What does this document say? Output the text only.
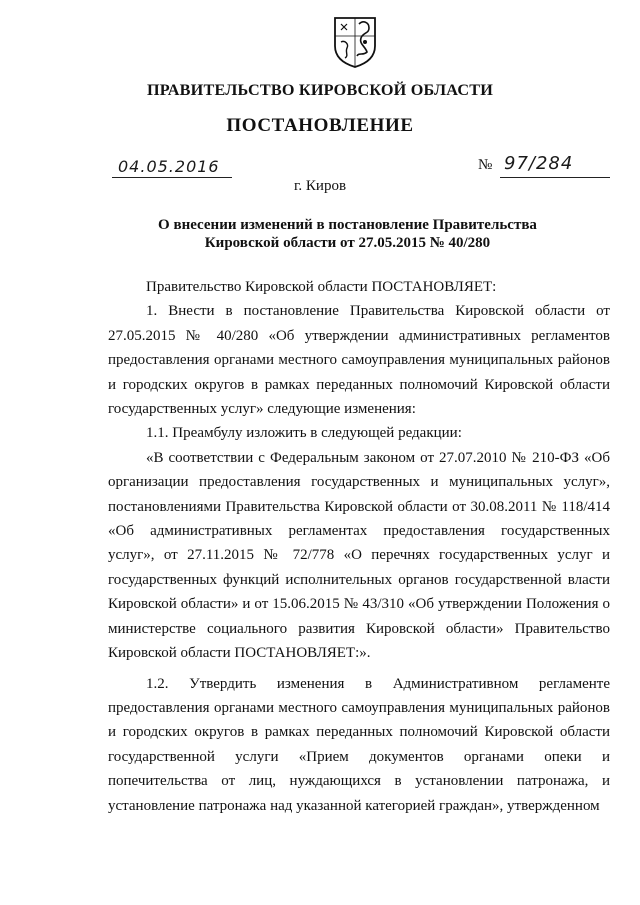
ПРАВИТЕЛЬСТВО КИРОВСКОЙ ОБЛАСТИ
ПОСТАНОВЛЕНИЕ
04.05.2016	№ 97/284
г. Киров
О внесении изменений в постановление Правительства
Кировской области от 27.05.2015 № 40/280

Правительство Кировской области ПОСТАНОВЛЯЕТ:

1. Внести в постановление Правительства Кировской области от 27.05.2015 № 40/280 «Об утверждении административных регламентов предоставления органами местного самоуправления муниципальных районов и городских округов в рамках переданных полномочий Кировской области государственных услуг» следующие изменения:

1.1. Преамбулу изложить в следующей редакции:

«В соответствии с Федеральным законом от 27.07.2010 № 210-ФЗ «Об организации предоставления государственных и муниципальных услуг», постановлениями Правительства Кировской области от 30.08.2011 № 118/414 «Об административных регламентах предоставления государственных услуг», от 27.11.2015 № 72/778 «О перечнях государственных услуг и государственных функций исполнительных органов государственной власти Кировской области» и от 15.06.2015 № 43/310 «Об утверждении Положения о министерстве социального развития Кировской области» Правительство Кировской области ПОСТАНОВЛЯЕТ:».

1.2. Утвердить изменения в Административном регламенте предоставления органами местного самоуправления муниципальных районов и городских округов в рамках переданных полномочий Кировской области государственной услуги «Прием документов органами опеки и попечительства от лиц, нуждающихся в установлении патронажа, и установление патронажа над указанной категорией граждан», утвержденном
